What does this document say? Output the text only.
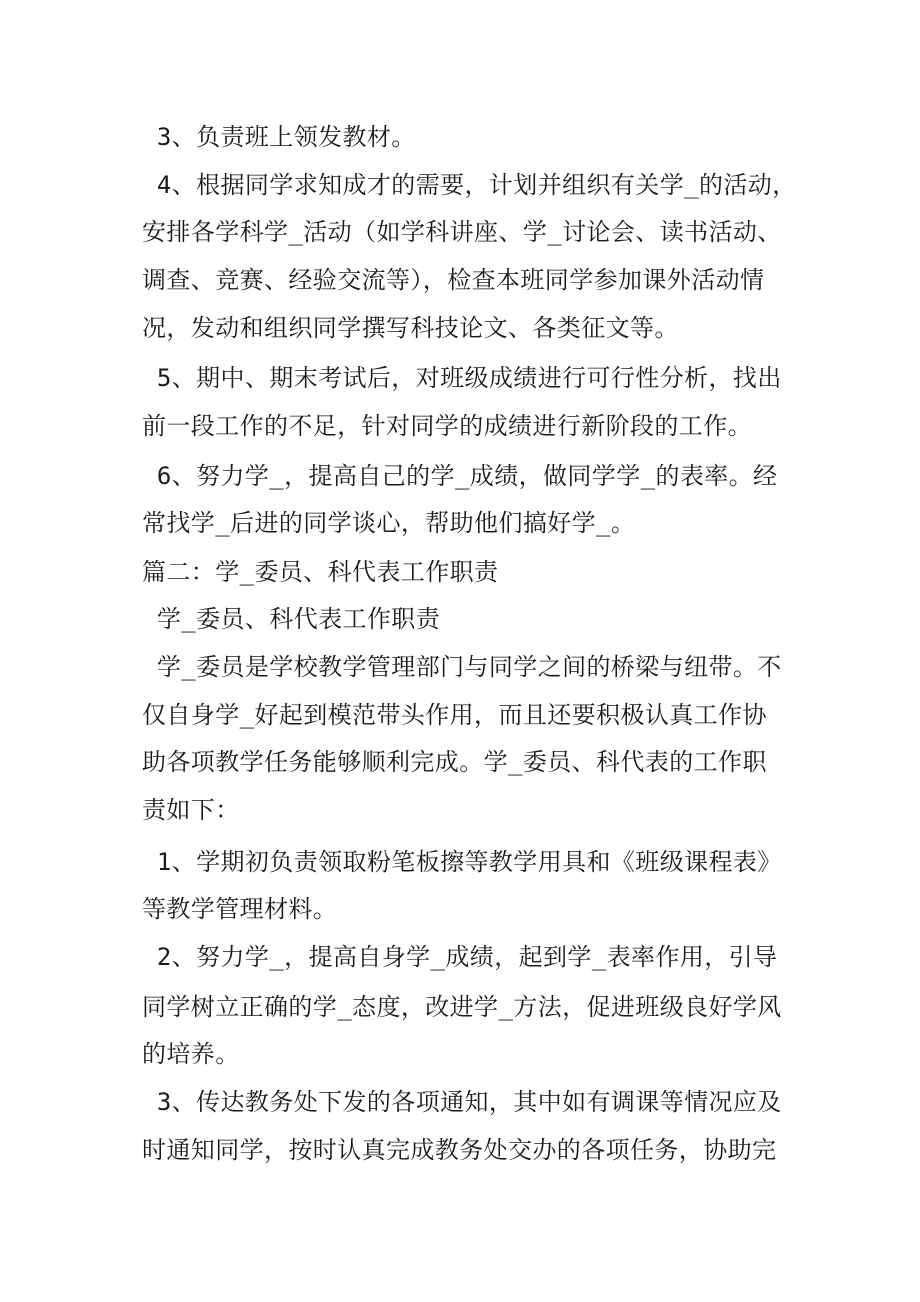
3、负责班上领发教材。
4、根据同学求知成才的需要，计划并组织有关学_的活动，
安排各学科学_活动（如学科讲座、学_讨论会、读书活动、
调查、竞赛、经验交流等），检查本班同学参加课外活动情
况，发动和组织同学撰写科技论文、各类征文等。
5、期中、期末考试后，对班级成绩进行可行性分析，找出
前一段工作的不足，针对同学的成绩进行新阶段的工作。
6、努力学_，提高自己的学_成绩，做同学学_的表率。经
常找学_后进的同学谈心，帮助他们搞好学_。
篇二：学_委员、科代表工作职责
学_委员、科代表工作职责
学_委员是学校教学管理部门与同学之间的桥梁与纽带。不
仅自身学_好起到模范带头作用，而且还要积极认真工作协
助各项教学任务能够顺利完成。学_委员、科代表的工作职
责如下：
1、学期初负责领取粉笔板擦等教学用具和《班级课程表》
等教学管理材料。
2、努力学_，提高自身学_成绩，起到学_表率作用，引导
同学树立正确的学_态度，改进学_方法，促进班级良好学风
的培养。
3、传达教务处下发的各项通知，其中如有调课等情况应及
时通知同学，按时认真完成教务处交办的各项任务，协助完
